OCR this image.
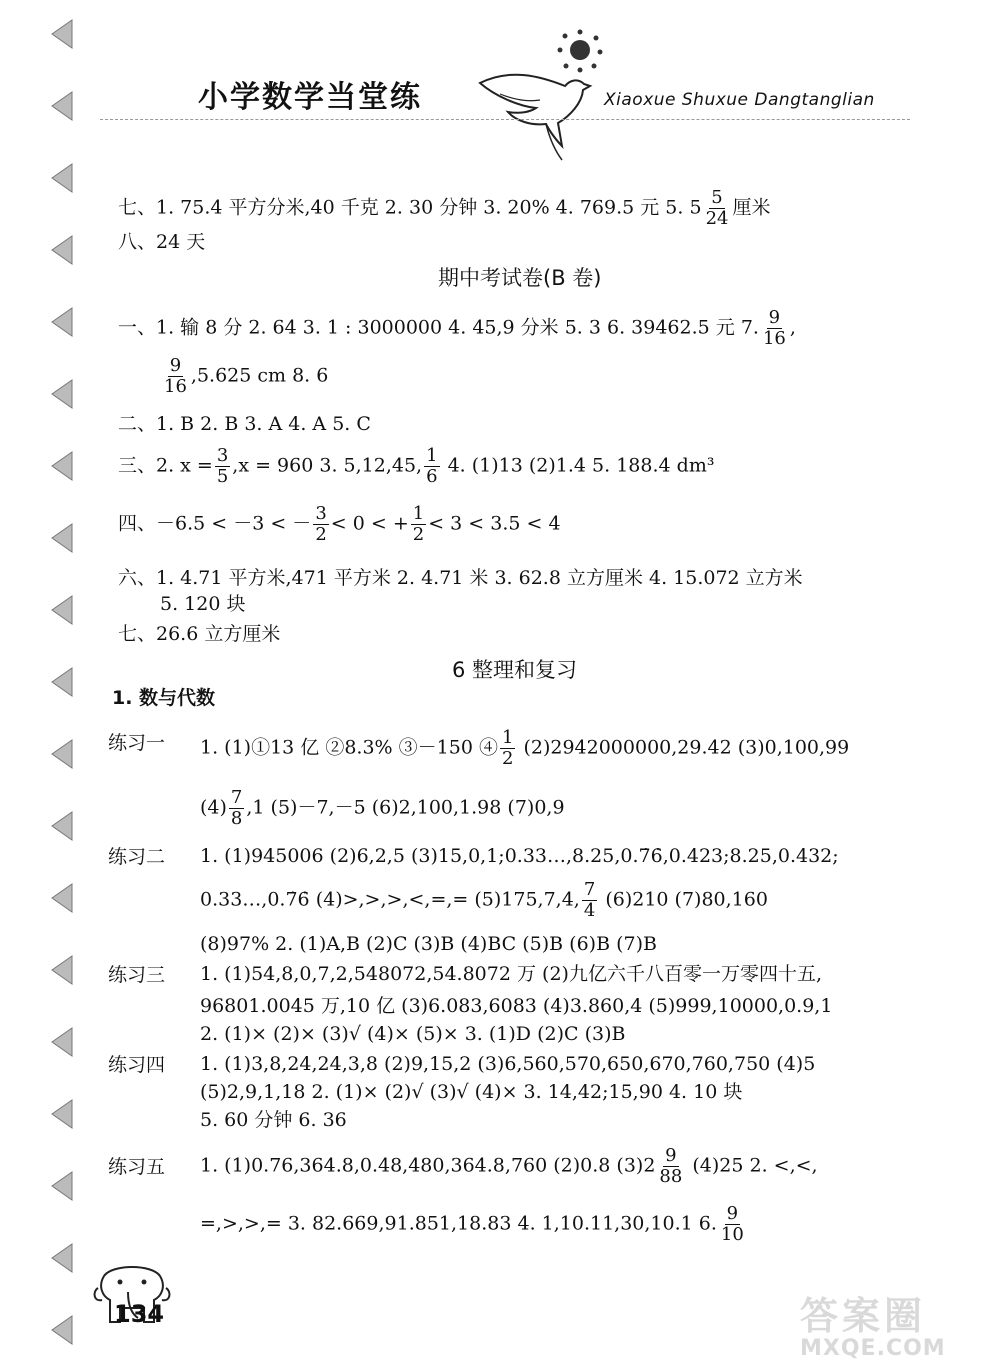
小学数学当堂练	Xiaoxue Shuxue Dangtanglian
七、1. 75.4 平方分米,40 千克 2. 30 分钟 3. 20% 4. 769.5 元 5. $5 \frac{5}{24}$ 厘米
八、24 天
期中考试卷(B 卷)
一、1. 输 8 分 2. 64 3. 1 : 3000000 4. 45,9 分米 5. 3 6. 39462.5 元 7. $\frac{9}{16}$ ,
$\frac{9}{16} ,5.625$ cm 8. 6
二、1. B 2. B 3. A 4. A 5. C
三、2. $x = \frac{3}{5} ,x = 960$ 3. 5,12,45, $\frac{1}{6} 4$. (1)13 (2)1.4 5. 188.4 dm³
四、－6.5 < －3 < － $\frac{3}{2} < 0$ < + $\frac{1}{2} < 3 < 3.5 < 4$
六、1. 4.71 平方米,471 平方米 2. 4.71 米 3. 62.8 立方厘米 4. 15.072 立方米
5. 120 块
七、26.6 立方厘米
6 整理和复习
1. 数与代数
练习一 1. (1)①13 亿 ②8.3% ③－150 ④ $\frac{1}{2} (2)2942000000,29.42$ (3)0,100,99
$(4) \frac{7}{8} ,1$ (5)－7,－5 (6)2,100,1.98 (7)0,9
练习二 1. (1)945006 (2)6,2,5 (3)15,0,1;0.33…,8.25,0.7̇6̇,0.423;8.25,0.432;
0.33…,0.7̇6̇ (4)>,>,>,<,=,= (5)175,7,4, $\frac{7}{4} (6)210$ (7)80,160
(8)97% 2. (1)A,B (2)C (3)B (4)BC (5)B (6)B (7)B
练习三 1. (1)54,8,0,7,2,548072,54.8072 万 (2)九亿六千八百零一万零四十五,
96801.0045 万,10 亿 (3)6.083,6083 (4)3.860,4 (5)999,10000,0.9,1
2. (1)× (2)× (3)√ (4)× (5)× 3. (1)D (2)C (3)B
练习四 1. (1)3,8,24,24,3,8 (2)9,15,2 (3)6,560,570,650,670,760,750 (4)5
(5)2,9,1,18 2. (1)× (2)√ (3)√ (4)× 3. 14,42;15,90 4. 10 块
5. 60 分钟 6. 36
练习五 1. (1)0.76,364.8,0.48,480,364.8,760 (2)0.8 $(3)2 \frac{9}{88} (4)25$ 2. <,<,
=,>,>,= 3. 82.669,91.851,18.83 4. 1,10.11,30,10.1 6. $\frac{9}{10}$
134	答案圈
MXQE.COM
